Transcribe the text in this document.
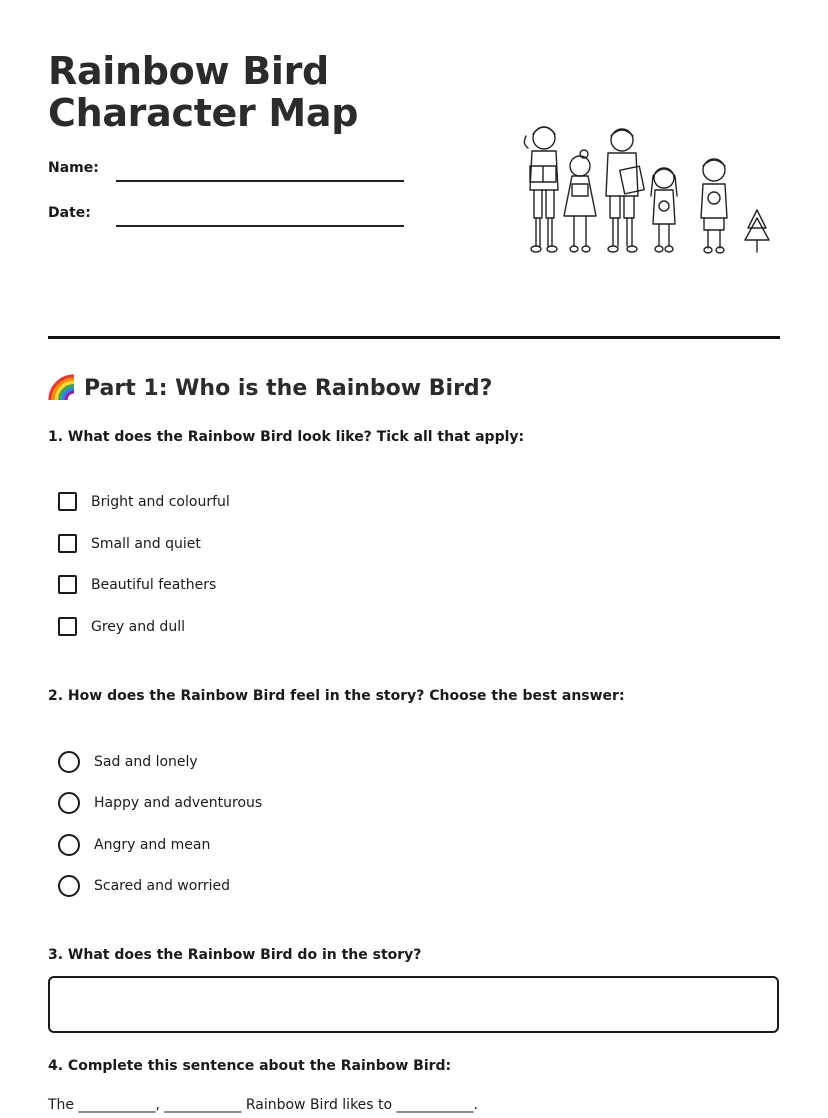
Rainbow Bird Character Map
Name:
Date:
Part 1: Who is the Rainbow Bird?
1. What does the Rainbow Bird look like? Tick all that apply:
Bright and colourful
Small and quiet
Beautiful feathers
Grey and dull
2. How does the Rainbow Bird feel in the story? Choose the best answer:
Sad and lonely
Happy and adventurous
Angry and mean
Scared and worried
3. What does the Rainbow Bird do in the story?
4. Complete this sentence about the Rainbow Bird:
The ___________, ___________ Rainbow Bird likes to ___________.
